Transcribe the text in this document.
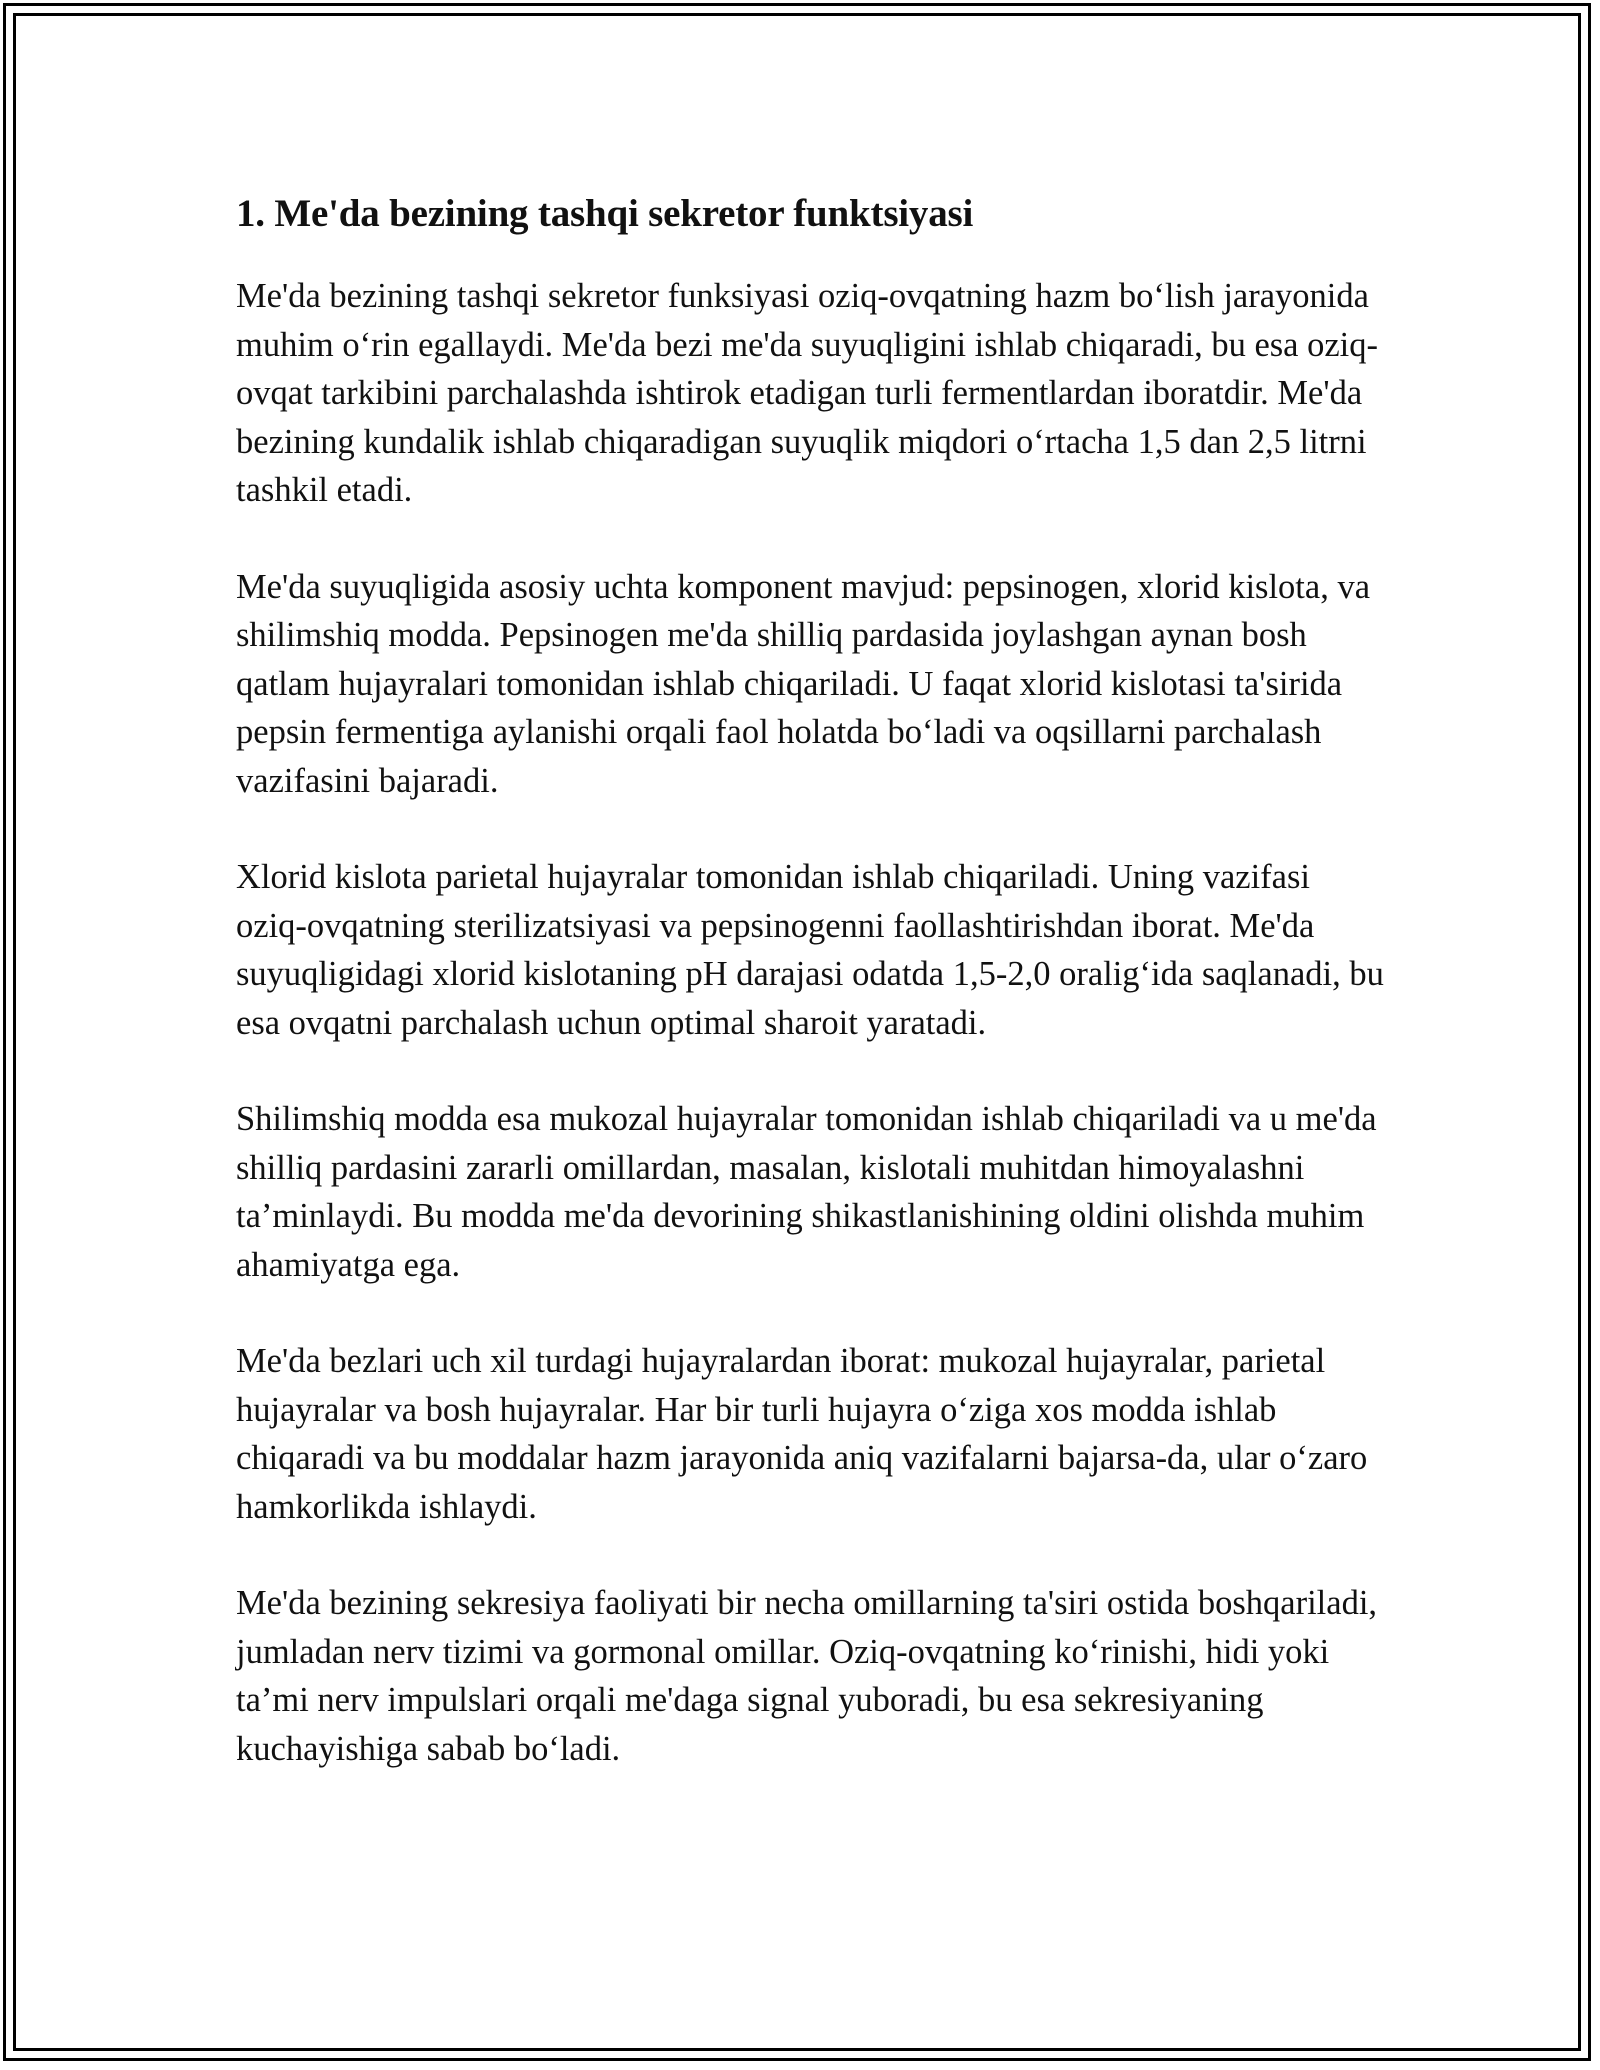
1. Me'da bezining tashqi sekretor funktsiyasi

Me'da bezining tashqi sekretor funksiyasi oziq-ovqatning hazm bo‘lish jarayonida muhim o‘rin egallaydi. Me'da bezi me'da suyuqligini ishlab chiqaradi, bu esa oziq-ovqat tarkibini parchalashda ishtirok etadigan turli fermentlardan iboratdir. Me'da bezining kundalik ishlab chiqaradigan suyuqlik miqdori o‘rtacha 1,5 dan 2,5 litrni tashkil etadi.

Me'da suyuqligida asosiy uchta komponent mavjud: pepsinogen, xlorid kislota, va shilimshiq modda. Pepsinogen me'da shilliq pardasida joylashgan aynan bosh qatlam hujayralari tomonidan ishlab chiqariladi. U faqat xlorid kislotasi ta'sirida pepsin fermentiga aylanishi orqali faol holatda bo‘ladi va oqsillarni parchalash vazifasini bajaradi.

Xlorid kislota parietal hujayralar tomonidan ishlab chiqariladi. Uning vazifasi oziq-ovqatning sterilizatsiyasi va pepsinogenni faollashtirishdan iborat. Me'da suyuqligidagi xlorid kislotaning pH darajasi odatda 1,5-2,0 oralig‘ida saqlanadi, bu esa ovqatni parchalash uchun optimal sharoit yaratadi.

Shilimshiq modda esa mukozal hujayralar tomonidan ishlab chiqariladi va u me'da shilliq pardasini zararli omillardan, masalan, kislotali muhitdan himoyalashni ta’minlaydi. Bu modda me'da devorining shikastlanishining oldini olishda muhim ahamiyatga ega.

Me'da bezlari uch xil turdagi hujayralardan iborat: mukozal hujayralar, parietal hujayralar va bosh hujayralar. Har bir turli hujayra o‘ziga xos modda ishlab chiqaradi va bu moddalar hazm jarayonida aniq vazifalarni bajarsa-da, ular o‘zaro hamkorlikda ishlaydi.

Me'da bezining sekresiya faoliyati bir necha omillarning ta'siri ostida boshqariladi, jumladan nerv tizimi va gormonal omillar. Oziq-ovqatning ko‘rinishi, hidi yoki ta’mi nerv impulslari orqali me'daga signal yuboradi, bu esa sekresiyaning kuchayishiga sabab bo‘ladi.
